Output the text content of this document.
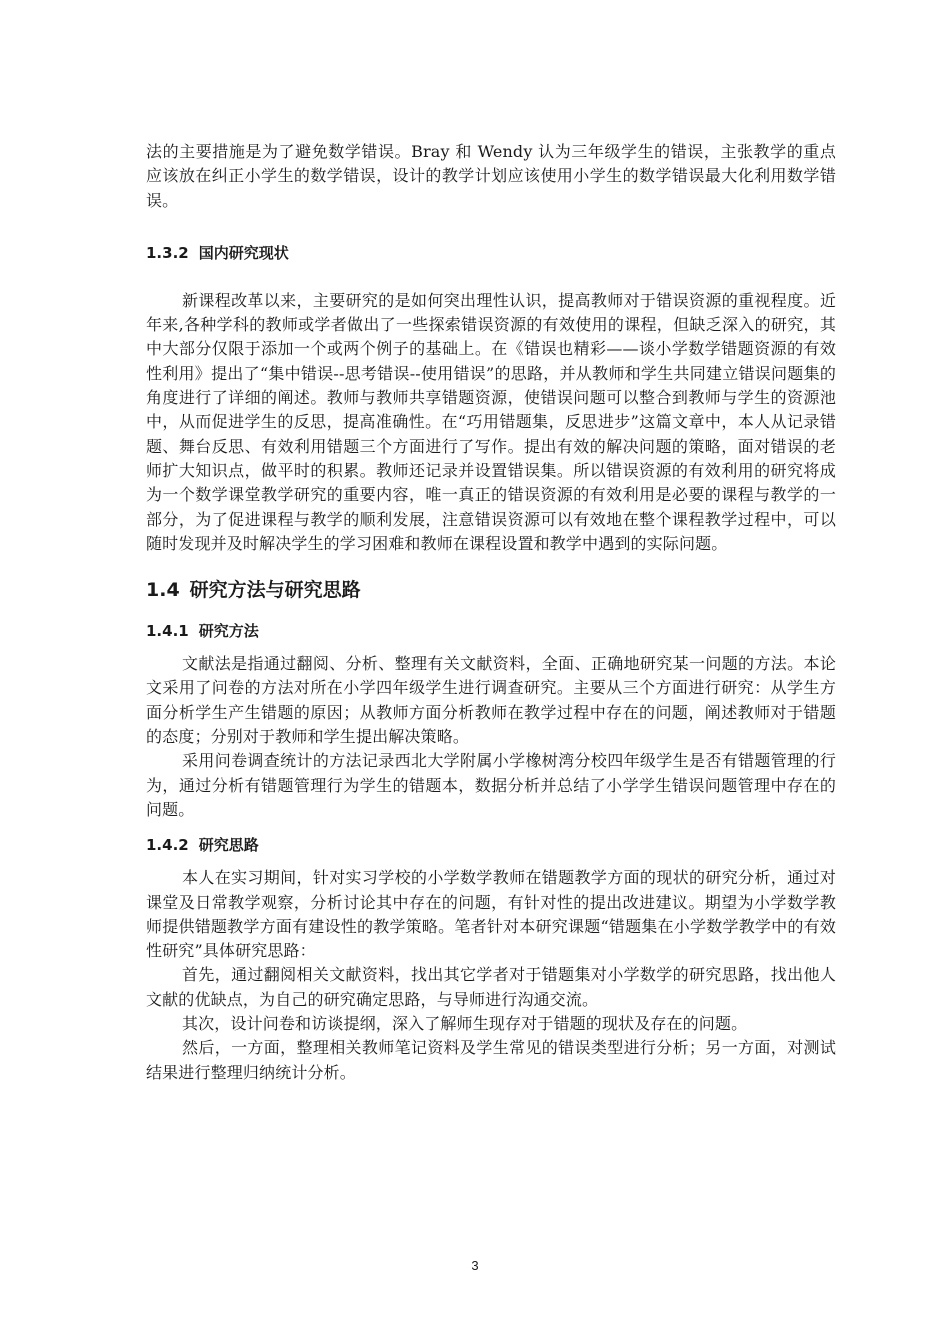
法的主要措施是为了避免数学错误。Bray 和 Wendy 认为三年级学生的错误，主张教学的重点应该放在纠正小学生的数学错误，设计的教学计划应该使用小学生的数学错误最大化利用数学错误。

1.3.2 国内研究现状

新课程改革以来，主要研究的是如何突出理性认识，提高教师对于错误资源的重视程度。近年来,各种学科的教师或学者做出了一些探索错误资源的有效使用的课程，但缺乏深入的研究，其中大部分仅限于添加一个或两个例子的基础上。在《错误也精彩——谈小学数学错题资源的有效性利用》提出了“集中错误--思考错误--使用错误”的思路，并从教师和学生共同建立错误问题集的角度进行了详细的阐述。教师与教师共享错题资源，使错误问题可以整合到教师与学生的资源池中，从而促进学生的反思，提高准确性。在“巧用错题集，反思进步”这篇文章中，本人从记录错题、舞台反思、有效利用错题三个方面进行了写作。提出有效的解决问题的策略，面对错误的老师扩大知识点，做平时的积累。教师还记录并设置错误集。所以错误资源的有效利用的研究将成为一个数学课堂教学研究的重要内容，唯一真正的错误资源的有效利用是必要的课程与教学的一部分，为了促进课程与教学的顺利发展，注意错误资源可以有效地在整个课程教学过程中，可以随时发现并及时解决学生的学习困难和教师在课程设置和教学中遇到的实际问题。

1.4 研究方法与研究思路
1.4.1 研究方法

文献法是指通过翻阅、分析、整理有关文献资料，全面、正确地研究某一问题的方法。本论文采用了问卷的方法对所在小学四年级学生进行调查研究。主要从三个方面进行研究：从学生方面分析学生产生错题的原因；从教师方面分析教师在教学过程中存在的问题，阐述教师对于错题的态度；分别对于教师和学生提出解决策略。

采用问卷调查统计的方法记录西北大学附属小学橡树湾分校四年级学生是否有错题管理的行为，通过分析有错题管理行为学生的错题本，数据分析并总结了小学学生错误问题管理中存在的问题。

1.4.2 研究思路

本人在实习期间，针对实习学校的小学数学教师在错题教学方面的现状的研究分析，通过对课堂及日常教学观察，分析讨论其中存在的问题，有针对性的提出改进建议。期望为小学数学教师提供错题教学方面有建设性的教学策略。笔者针对本研究课题“错题集在小学数学教学中的有效性研究”具体研究思路：

首先，通过翻阅相关文献资料，找出其它学者对于错题集对小学数学的研究思路，找出他人文献的优缺点，为自己的研究确定思路，与导师进行沟通交流。

其次，设计问卷和访谈提纲，深入了解师生现存对于错题的现状及存在的问题。

然后，一方面，整理相关教师笔记资料及学生常见的错误类型进行分析；另一方面，对测试结果进行整理归纳统计分析。

3
